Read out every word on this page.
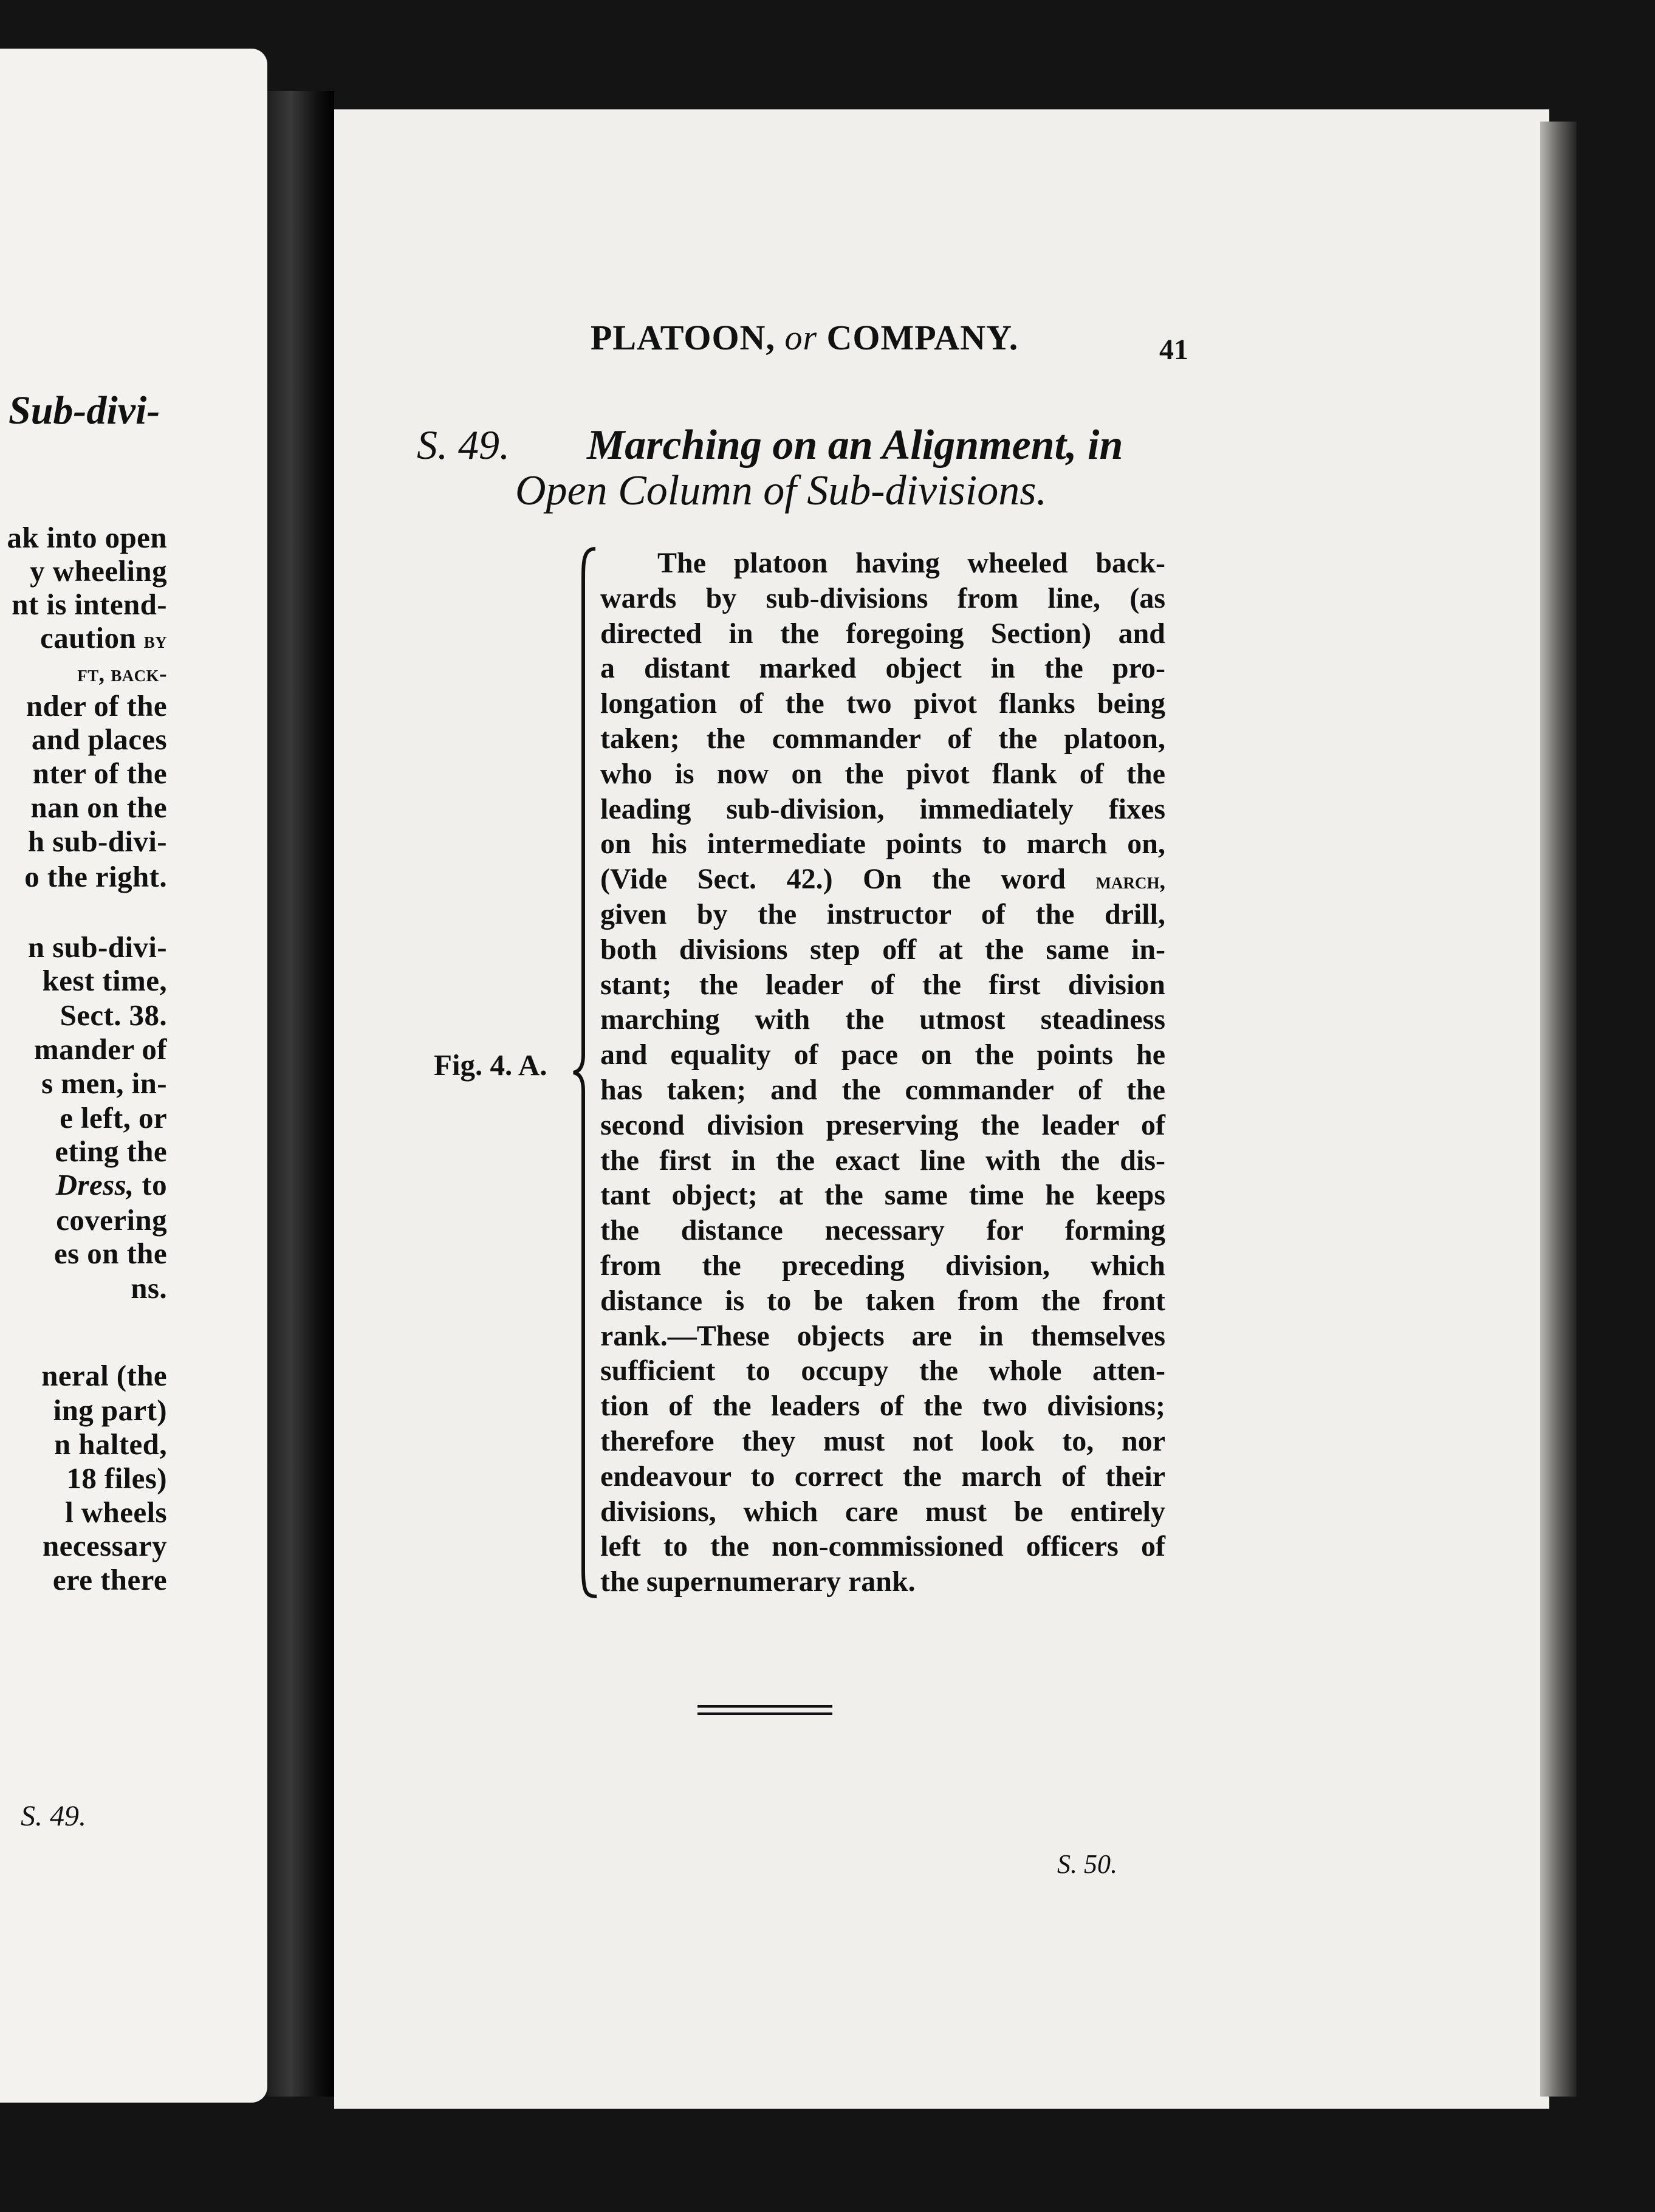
Sub-divi-
ak into open
y wheeling
nt is intend-
caution by
ft, back-
nder of the
and places
nter of the
nan on the
h sub-divi-
o the right.
n sub-divi-
kest time,
Sect. 38.
mander of
s men, in-
e left, or
eting the
Dress, to
covering
es on the
ns.
neral (the
ing part)
n halted,
18 files)
l wheels
necessary
ere there
S. 49.
PLATOON, or COMPANY.	41
S. 49. Marching on an Alignment, in
Open Column of Sub-divisions.
Fig. 4. A.
The platoon having wheeled back-
wards by sub-divisions from line, (as
directed in the foregoing Section) and
a distant marked object in the pro-
longation of the two pivot flanks being
taken; the commander of the platoon,
who is now on the pivot flank of the
leading sub-division, immediately fixes
on his intermediate points to march on,
(Vide Sect. 42.) On the word march,
given by the instructor of the drill,
both divisions step off at the same in-
stant; the leader of the first division
marching with the utmost steadiness
and equality of pace on the points he
has taken; and the commander of the
second division preserving the leader of
the first in the exact line with the dis-
tant object; at the same time he keeps
the distance necessary for forming
from the preceding division, which
distance is to be taken from the front
rank.—These objects are in themselves
sufficient to occupy the whole atten-
tion of the leaders of the two divisions;
therefore they must not look to, nor
endeavour to correct the march of their
divisions, which care must be entirely
left to the non-commissioned officers of
the supernumerary rank.
S. 50.
